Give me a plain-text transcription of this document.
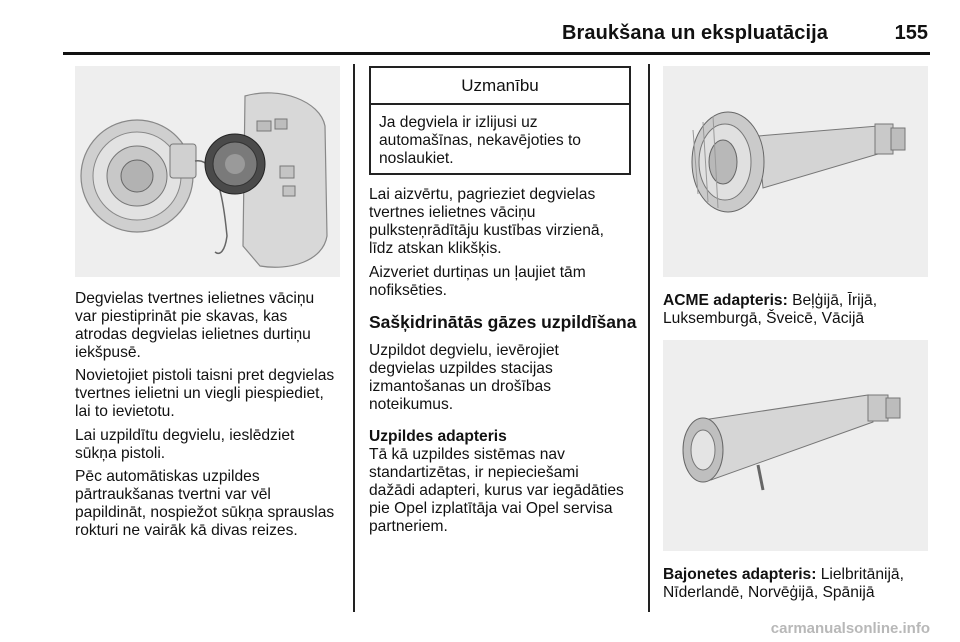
Braukšana un ekspluatācija	155

Degvielas tvertnes ielietnes vāciņu
var piestiprināt pie skavas, kas
atrodas degvielas ielietnes durtiņu
iekšpusē.

Novietojiet pistoli taisni pret degvielas
tvertnes ielietni un viegli piespiediet,
lai to ievietotu.

Lai uzpildītu degvielu, ieslēdziet
sūkņa pistoli.

Pēc automātiskas uzpildes
pārtraukšanas tvertni var vēl
papildināt, nospiežot sūkņa sprauslas
rokturi ne vairāk kā divas reizes.

Uzmanību
Ja degviela ir izlijusi uz
automašīnas, nekavējoties to
noslaukiet.

Lai aizvērtu, pagrieziet degvielas
tvertnes ielietnes vāciņu
pulksteņrādītāju kustības virzienā,
līdz atskan klikšķis.

Aizveriet durtiņas un ļaujiet tām
nofiksēties.

Sašķidrinātās gāzes uzpildīšana

Uzpildot degvielu, ievērojiet
degvielas uzpildes stacijas
izmantošanas un drošības
noteikumus.

Uzpildes adapteris

Tā kā uzpildes sistēmas nav
standartizētas, ir nepieciešami
dažādi adapteri, kurus var iegādāties
pie Opel izplatītāja vai Opel servisa
partneriem.

ACME adapteris: Beļģijā, Īrijā,
Luksemburgā, Šveicē, Vācijā
Bajonetes adapteris: Lielbritānijā,
Nīderlandē, Norvēģijā, Spānijā
carmanualsonline.info
